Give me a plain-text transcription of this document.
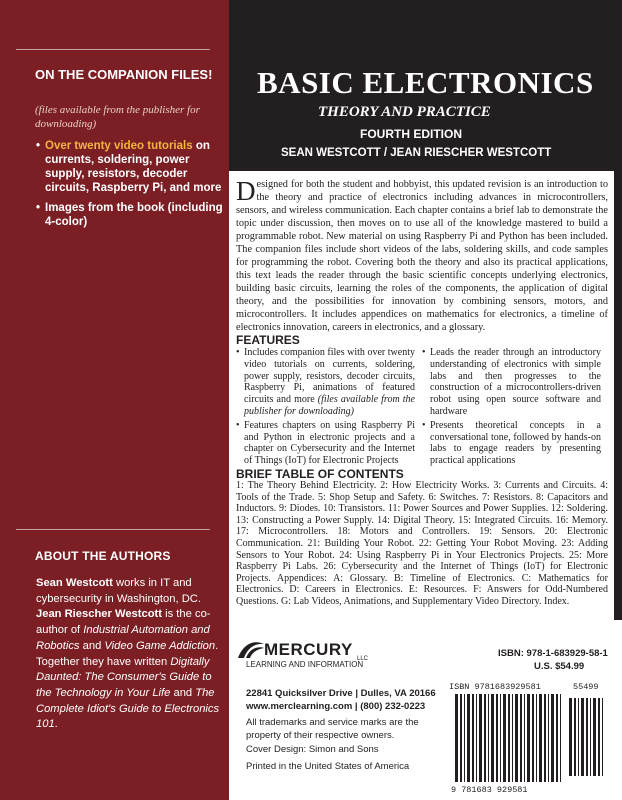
ON THE COMPANION FILES!
(files available from the publisher for downloading)
• Over twenty video tutorials on currents, soldering, power supply, resistors, decoder circuits, Raspberry Pi, and more
• Images from the book (including 4-color)
ABOUT THE AUTHORS

Sean Westcott works in IT and cybersecurity in Washington, DC.

Jean Riescher Westcott is the co-author of Industrial Automation and Robotics and Video Game Addiction. Together they have written Digitally Daunted: The Consumer's Guide to the Technology in Your Life and The Complete Idiot's Guide to Electronics 101.

BASIC ELECTRONICS
THEORY AND PRACTICE
FOURTH EDITION
SEAN WESTCOTT / JEAN RIESCHER WESTCOTT

Designed for both the student and hobbyist, this updated revision is an introduction to the theory and practice of electronics including advances in microcontrollers, sensors, and wireless communication. Each chapter contains a brief lab to demonstrate the topic under discussion, then moves on to use all of the knowledge mastered to build a programmable robot. New material on using Raspberry Pi and Python has been included. The companion files include short videos of the labs, soldering skills, and code samples for programming the robot. Covering both the theory and also its practical applications, this text leads the reader through the basic scientific concepts underlying electronics, building basic circuits, learning the roles of the components, the application of digital theory, and the possibilities for innovation by combining sensors, motors, and microcontrollers. It includes appendices on mathematics for electronics, a timeline of electronics innovation, careers in electronics, and a glossary.

FEATURES
• Includes companion files with over twenty video tutorials on currents, soldering, power supply, resistors, decoder circuits, Raspberry Pi, animations of featured circuits and more (files available from the publisher for downloading)
• Features chapters on using Raspberry Pi and Python in electronic projects and a chapter on Cybersecurity and the Internet of Things (IoT) for Electronic Projects
• Leads the reader through an introductory understanding of electronics with simple labs and then progresses to the construction of a microcontrollers-driven robot using open source software and hardware
• Presents theoretical concepts in a conversational tone, followed by hands-on labs to engage readers by presenting practical applications
BRIEF TABLE OF CONTENTS

1: The Theory Behind Electricity. 2: How Electricity Works. 3: Currents and Circuits. 4: Tools of the Trade. 5: Shop Setup and Safety. 6: Switches. 7: Resistors. 8: Capacitors and Inductors. 9: Diodes. 10: Transistors. 11: Power Sources and Power Supplies. 12: Soldering. 13: Constructing a Power Supply. 14: Digital Theory. 15: Integrated Circuits. 16: Memory. 17: Microcontrollers. 18: Motors and Controllers. 19: Sensors. 20: Electronic Communication. 21: Building Your Robot. 22: Getting Your Robot Moving. 23: Adding Sensors to Your Robot. 24: Using Raspberry Pi in Your Electronics Projects. 25: More Raspberry Pi Labs. 26: Cybersecurity and the Internet of Things (IoT) for Electronic Projects. Appendices: A: Glossary. B: Timeline of Electronics. C: Mathematics for Electronics. D: Careers in Electronics. E: Resources. F: Answers for Odd-Numbered Questions. G: Lab Videos, Animations, and Supplementary Video Directory. Index.

MERCURY
LEARNING AND INFORMATION
LLC
22841 Quicksilver Drive | Dulles, VA 20166
www.merclearning.com | (800) 232-0223

All trademarks and service marks are the property of their respective owners.

Cover Design: Simon and Sons

Printed in the United States of America

ISBN: 978-1-683929-58-1
U.S. $54.99
ISBN 9781683929581	55499
9 781683 929581
